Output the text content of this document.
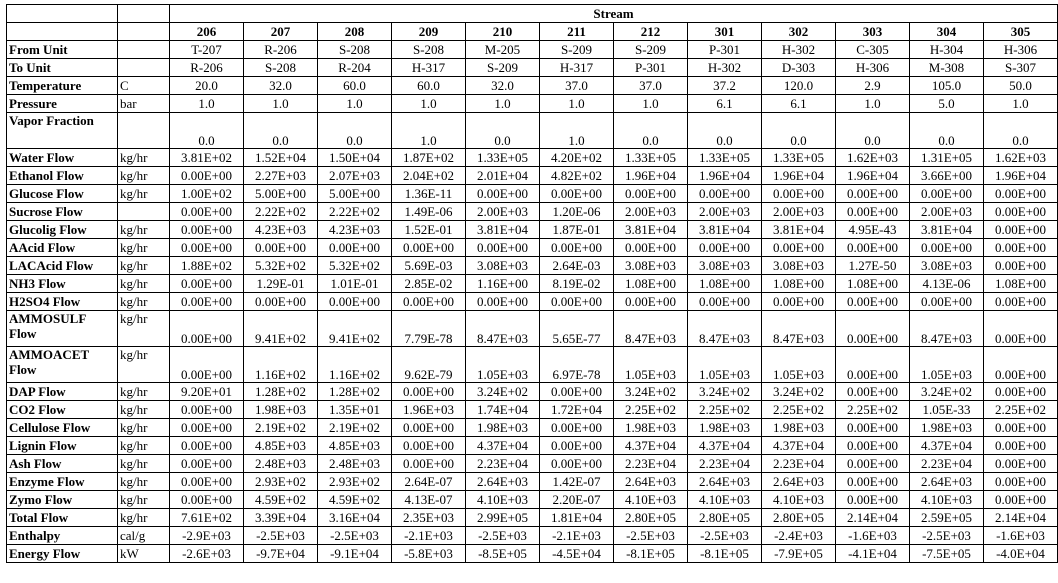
		Stream											
		206	207	208	209	210	211	212	301	302	303	304	305
From Unit		T-207	R-206	S-208	S-208	M-205	S-209	S-209	P-301	H-302	C-305	H-304	H-306
To Unit		R-206	S-208	R-204	H-317	S-209	H-317	P-301	H-302	D-303	H-306	M-308	S-307
Temperature	C	20.0	32.0	60.0	60.0	32.0	37.0	37.0	37.2	120.0	2.9	105.0	50.0
Pressure	bar	1.0	1.0	1.0	1.0	1.0	1.0	1.0	6.1	6.1	1.0	5.0	1.0
Vapor Fraction		0.0	0.0	0.0	1.0	0.0	1.0	0.0	0.0	0.0	0.0	0.0	0.0
Water Flow	kg/hr	3.81E+02	1.52E+04	1.50E+04	1.87E+02	1.33E+05	4.20E+02	1.33E+05	1.33E+05	1.33E+05	1.62E+03	1.31E+05	1.62E+03
Ethanol Flow	kg/hr	0.00E+00	2.27E+03	2.07E+03	2.04E+02	2.01E+04	4.82E+02	1.96E+04	1.96E+04	1.96E+04	1.96E+04	3.66E+00	1.96E+04
Glucose Flow	kg/hr	1.00E+02	5.00E+00	5.00E+00	1.36E-11	0.00E+00	0.00E+00	0.00E+00	0.00E+00	0.00E+00	0.00E+00	0.00E+00	0.00E+00
Sucrose Flow		0.00E+00	2.22E+02	2.22E+02	1.49E-06	2.00E+03	1.20E-06	2.00E+03	2.00E+03	2.00E+03	0.00E+00	2.00E+03	0.00E+00
Glucolig Flow	kg/hr	0.00E+00	4.23E+03	4.23E+03	1.52E-01	3.81E+04	1.87E-01	3.81E+04	3.81E+04	3.81E+04	4.95E-43	3.81E+04	0.00E+00
AAcid Flow	kg/hr	0.00E+00	0.00E+00	0.00E+00	0.00E+00	0.00E+00	0.00E+00	0.00E+00	0.00E+00	0.00E+00	0.00E+00	0.00E+00	0.00E+00
LACAcid Flow	kg/hr	1.88E+02	5.32E+02	5.32E+02	5.69E-03	3.08E+03	2.64E-03	3.08E+03	3.08E+03	3.08E+03	1.27E-50	3.08E+03	0.00E+00
NH3 Flow	kg/hr	0.00E+00	1.29E-01	1.01E-01	2.85E-02	1.16E+00	8.19E-02	1.08E+00	1.08E+00	1.08E+00	1.08E+00	4.13E-06	1.08E+00
H2SO4 Flow	kg/hr	0.00E+00	0.00E+00	0.00E+00	0.00E+00	0.00E+00	0.00E+00	0.00E+00	0.00E+00	0.00E+00	0.00E+00	0.00E+00	0.00E+00
AMMOSULF Flow	kg/hr	0.00E+00	9.41E+02	9.41E+02	7.79E-78	8.47E+03	5.65E-77	8.47E+03	8.47E+03	8.47E+03	0.00E+00	8.47E+03	0.00E+00
AMMOACET Flow	kg/hr	0.00E+00	1.16E+02	1.16E+02	9.62E-79	1.05E+03	6.97E-78	1.05E+03	1.05E+03	1.05E+03	0.00E+00	1.05E+03	0.00E+00
DAP Flow	kg/hr	9.20E+01	1.28E+02	1.28E+02	0.00E+00	3.24E+02	0.00E+00	3.24E+02	3.24E+02	3.24E+02	0.00E+00	3.24E+02	0.00E+00
CO2 Flow	kg/hr	0.00E+00	1.98E+03	1.35E+01	1.96E+03	1.74E+04	1.72E+04	2.25E+02	2.25E+02	2.25E+02	2.25E+02	1.05E-33	2.25E+02
Cellulose Flow	kg/hr	0.00E+00	2.19E+02	2.19E+02	0.00E+00	1.98E+03	0.00E+00	1.98E+03	1.98E+03	1.98E+03	0.00E+00	1.98E+03	0.00E+00
Lignin Flow	kg/hr	0.00E+00	4.85E+03	4.85E+03	0.00E+00	4.37E+04	0.00E+00	4.37E+04	4.37E+04	4.37E+04	0.00E+00	4.37E+04	0.00E+00
Ash Flow	kg/hr	0.00E+00	2.48E+03	2.48E+03	0.00E+00	2.23E+04	0.00E+00	2.23E+04	2.23E+04	2.23E+04	0.00E+00	2.23E+04	0.00E+00
Enzyme Flow	kg/hr	0.00E+00	2.93E+02	2.93E+02	2.64E-07	2.64E+03	1.42E-07	2.64E+03	2.64E+03	2.64E+03	0.00E+00	2.64E+03	0.00E+00
Zymo Flow	kg/hr	0.00E+00	4.59E+02	4.59E+02	4.13E-07	4.10E+03	2.20E-07	4.10E+03	4.10E+03	4.10E+03	0.00E+00	4.10E+03	0.00E+00
Total Flow	kg/hr	7.61E+02	3.39E+04	3.16E+04	2.35E+03	2.99E+05	1.81E+04	2.80E+05	2.80E+05	2.80E+05	2.14E+04	2.59E+05	2.14E+04
Enthalpy	cal/g	-2.9E+03	-2.5E+03	-2.5E+03	-2.1E+03	-2.5E+03	-2.1E+03	-2.5E+03	-2.5E+03	-2.4E+03	-1.6E+03	-2.5E+03	-1.6E+03
Energy Flow	kW	-2.6E+03	-9.7E+04	-9.1E+04	-5.8E+03	-8.5E+05	-4.5E+04	-8.1E+05	-8.1E+05	-7.9E+05	-4.1E+04	-7.5E+05	-4.0E+04
